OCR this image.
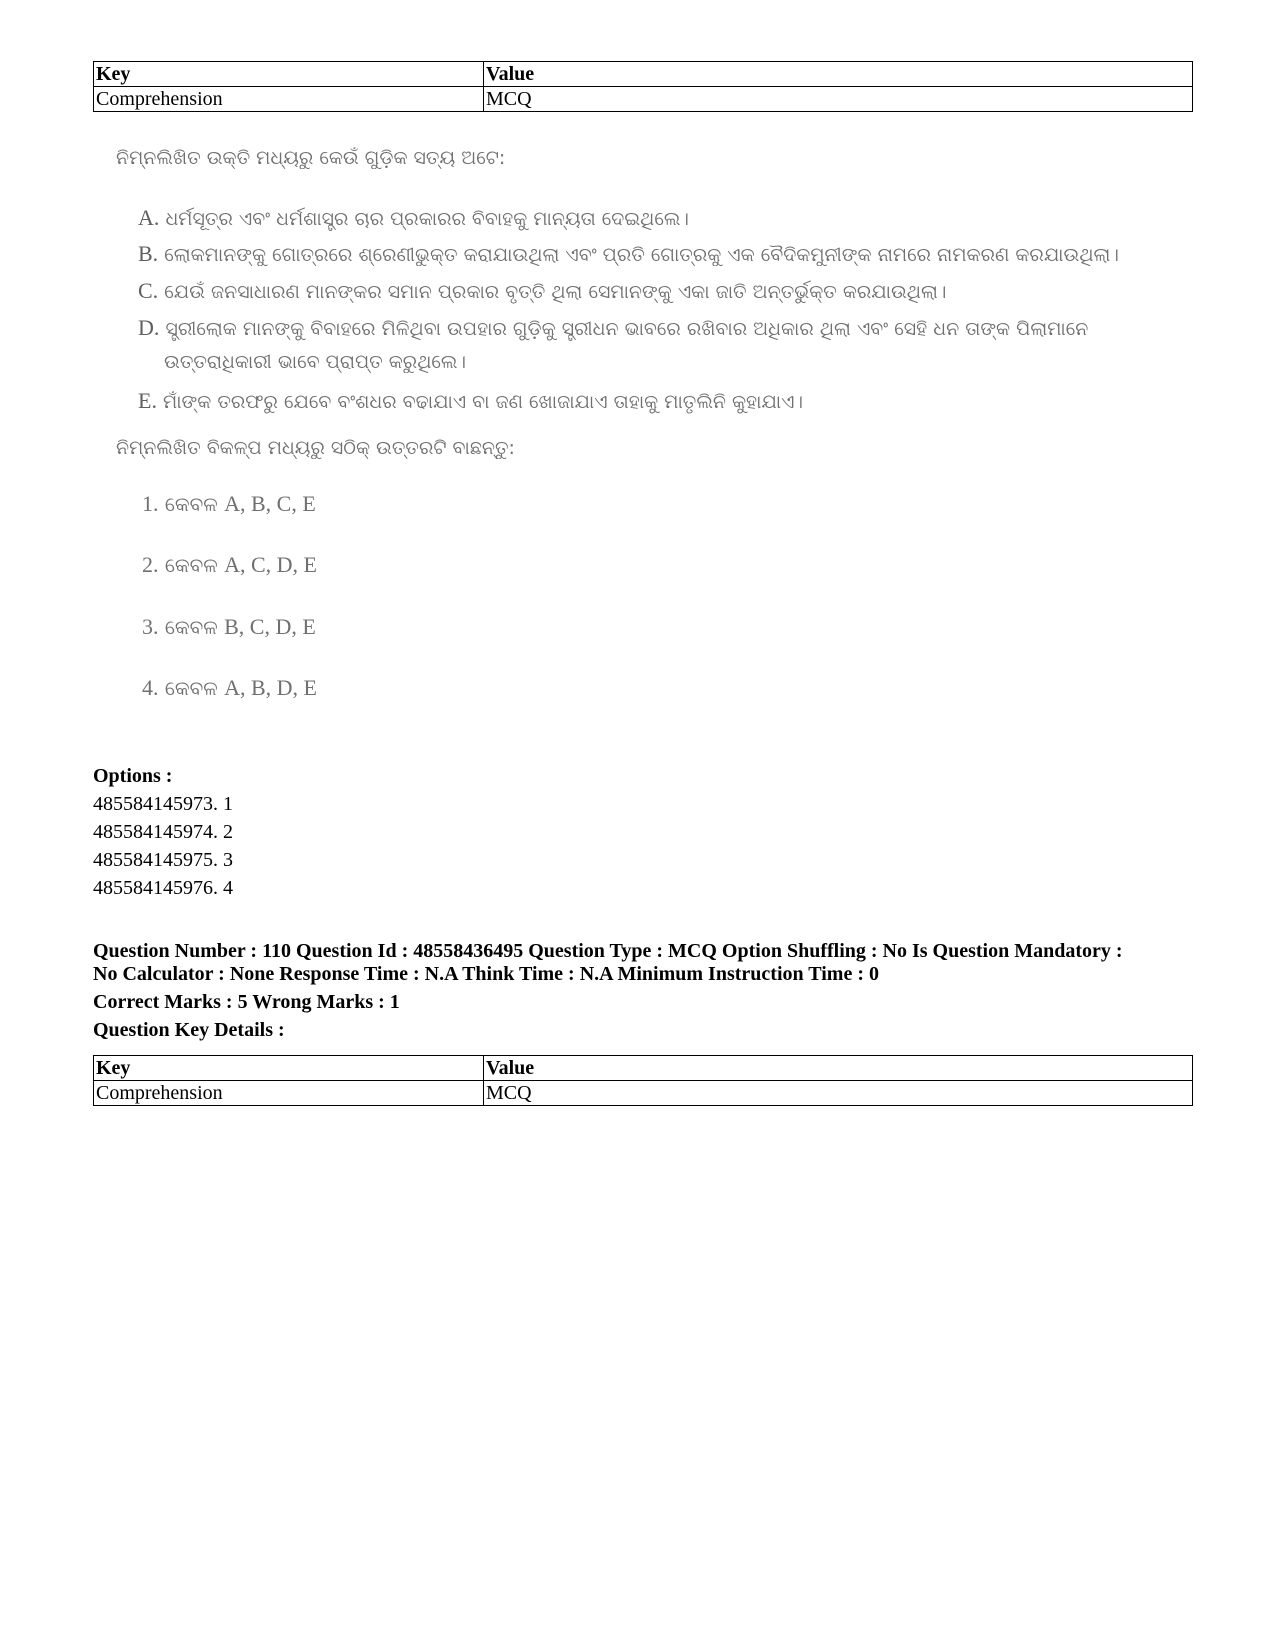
Key	Value
Comprehension	MCQ
ନିମ୍ନଲିଖିତ ଉକ୍ତି ମଧ୍ୟରୁ କେଉଁ ଗୁଡ଼ିକ ସତ୍ୟ ଅଟେ:
A. ଧର୍ମସୂତ୍ର ଏବଂ ଧର୍ମଶାସ୍ତ୍ର ଚାର ପ୍ରକାରର ବିବାହକୁ ମାନ୍ୟତା ଦେଇଥିଲେ।
B. ଲୋକମାନଙ୍କୁ ଗୋତ୍ରରେ ଶ୍ରେଣୀଭୁକ୍ତ କରାଯାଉଥିଲା ଏବଂ ପ୍ରତି ଗୋତ୍ରକୁ ଏକ ବୈଦିକମୁନୀଙ୍କ ନାମରେ ନାମକରଣ କରଯାଉଥିଲା।
C. ଯେଉଁ ଜନସାଧାରଣ ମାନଙ୍କର ସମାନ ପ୍ରକାର ବୃତ୍ତି ଥିଲା ସେମାନଙ୍କୁ ଏକା ଜାତି ଅନ୍ତର୍ଭୁକ୍ତ କରଯାଉଥିଲା।
D. ସ୍ତ୍ରୀଲୋକ ମାନଙ୍କୁ ବିବାହରେ ମିଳିଥିବା ଉପହାର ଗୁଡ଼ିକୁ ସ୍ତ୍ରୀଧନ ଭାବରେ ରଖିବାର ଅଧିକାର ଥିଲା ଏବଂ ସେହି ଧନ ତାଙ୍କ ପିଲାମାନେ
ଉତ୍ତରାଧିକାରୀ ଭାବେ ପ୍ରାପ୍ତ କରୁଥିଲେ।
E. ମାଁଙ୍କ ତରଫରୁ ଯେବେ ବଂଶଧର ବଢାଯାଏ ବା ଜଣ ଖୋଜାଯାଏ ତାହାକୁ ମାତୃଲିନି କୁହାଯାଏ।
ନିମ୍ନଲିଖିତ ବିକଳ୍ପ ମଧ୍ୟରୁ ସଠିକ୍ ଉତ୍ତରଟି ବାଛନ୍ତୁ:
1. କେବଳ A, B, C, E
2. କେବଳ A, C, D, E
3. କେବଳ B, C, D, E
4. କେବଳ A, B, D, E
Options :
485584145973. 1
485584145974. 2
485584145975. 3
485584145976. 4
Question Number : 110 Question Id : 48558436495 Question Type : MCQ Option Shuffling : No Is Question Mandatory :
No Calculator : None Response Time : N.A Think Time : N.A Minimum Instruction Time : 0
Correct Marks : 5 Wrong Marks : 1
Question Key Details :
Key	Value
Comprehension	MCQ
